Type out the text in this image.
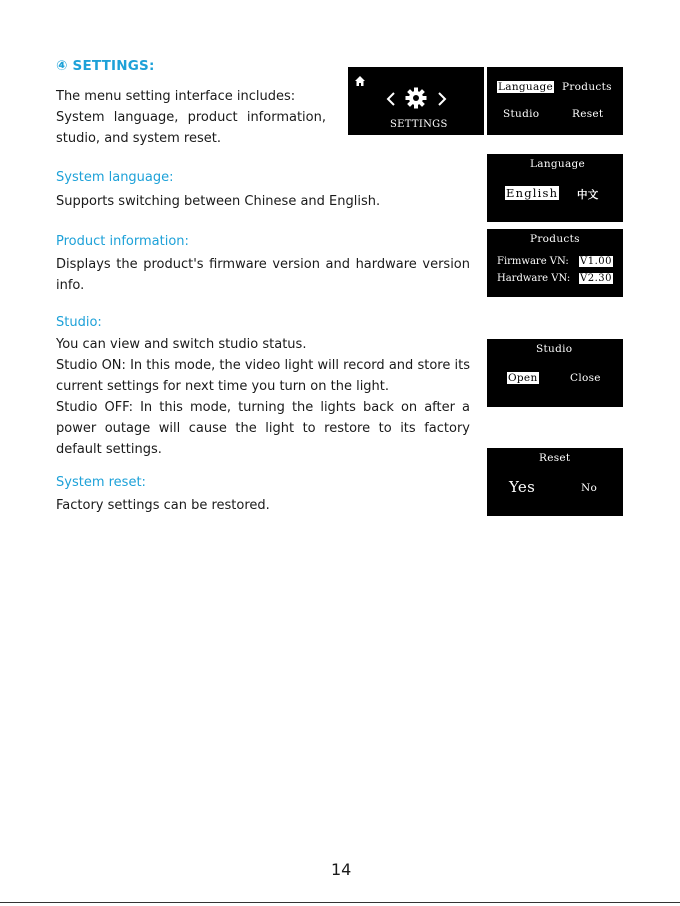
④ SETTINGS:

The menu setting interface includes:

System language, product information,

studio, and system reset.

SETTINGS
Language Products
Studio	Reset
System language:
Supports switching between Chinese and English.
Language
English 中文
Product information:

Displays the product's firmware version and hardware version

info.

Products
Firmware VN: V1.00
Hardware VN: V2.30
Studio:

You can view and switch studio status.

Studio ON: In this mode, the video light will record and store its current settings for next time you turn on the light.

Studio OFF: In this mode, turning the lights back on after a power outage will cause the light to restore to its factory default settings.

Studio
Open	Close
System reset:
Factory settings can be restored.
Reset
Yes	No
14
